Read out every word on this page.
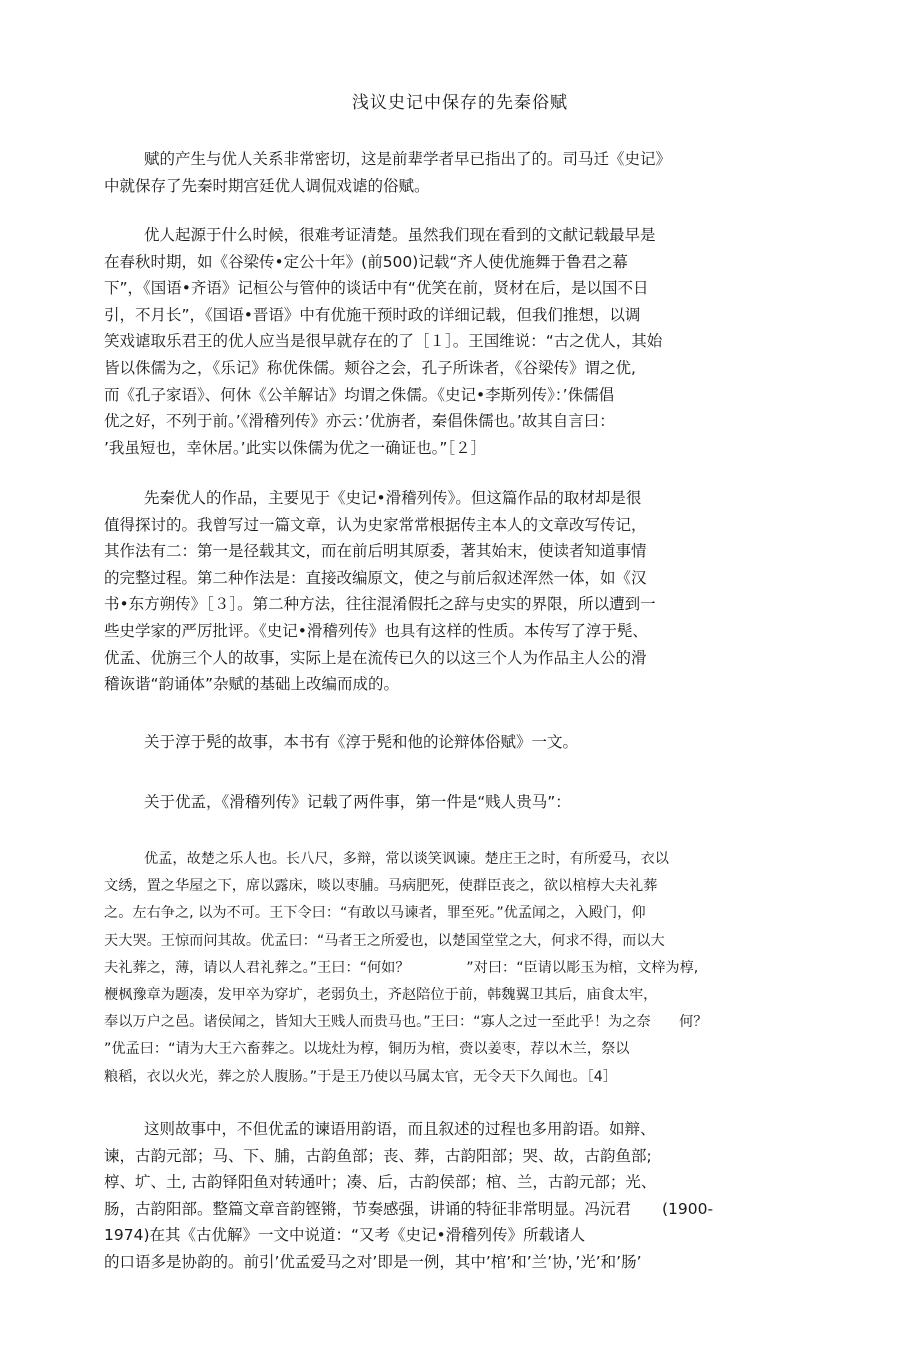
浅议史记中保存的先秦俗赋
赋的产生与优人关系非常密切，这是前辈学者早已指出了的。司马迁《史记》
中就保存了先秦时期宫廷优人调侃戏谑的俗赋。
优人起源于什么时候，很难考证清楚。虽然我们现在看到的文献记载最早是
在春秋时期，如《谷梁传•定公十年》(前500)记载“齐人使优施舞于鲁君之幕
下”，《国语•齐语》记桓公与管仲的谈话中有“优笑在前，贤材在后，是以国不日
引，不月长”，《国语•晋语》中有优施干预时政的详细记载，但我们推想，以调
笑戏谑取乐君王的优人应当是很早就存在的了［１］。王国维说：“古之优人，其始
皆以侏儒为之，《乐记》称优侏儒。颊谷之会，孔子所诛者，《谷梁传》谓之优,
而《孔子家语》、何休《公羊解诂》均谓之侏儒。《史记•李斯列传》：’侏儒倡
优之好，不列于前。’《滑稽列传》亦云：’优旃者，秦倡侏儒也。’故其自言曰：
’我虽短也，幸休居。’此实以侏儒为优之一确证也。”［２］
先秦优人的作品，主要见于《史记•滑稽列传》。但这篇作品的取材却是很
值得探讨的。我曾写过一篇文章，认为史家常常根据传主本人的文章改写传记，
其作法有二：第一是径载其文，而在前后明其原委，著其始末，使读者知道事情
的完整过程。第二种作法是：直接改编原文，使之与前后叙述浑然一体，如《汉
书•东方朔传》［３］。第二种方法，往往混淆假托之辞与史实的界限，所以遭到一
些史学家的严厉批评。《史记•滑稽列传》也具有这样的性质。本传写了淳于髡、
优孟、优旃三个人的故事，实际上是在流传已久的以这三个人为作品主人公的滑
稽诙谐“韵诵体”杂赋的基础上改编而成的。
关于淳于髡的故事，本书有《淳于髡和他的论辩体俗赋》一文。
关于优孟，《滑稽列传》记载了两件事，第一件是“贱人贵马”：
优孟，故楚之乐人也。长八尺，多辩，常以谈笑讽谏。楚庄王之时，有所爱马，衣以
文绣，置之华屋之下，席以露床，啖以枣脯。马病肥死，使群臣丧之，欲以棺椁大夫礼葬
之。左右争之, 以为不可。王下令曰：“有敢以马谏者，罪至死。”优孟闻之，入殿门，仰
天大哭。王惊而问其故。优孟曰：“马者王之所爱也，以楚国堂堂之大，何求不得，而以大
夫礼葬之，薄，请以人君礼葬之。”王曰：“何如？　　　　”对曰：“臣请以彫玉为棺，文梓为椁,
楩枫豫章为题凑，发甲卒为穿圹，老弱负土，齐赵陪位于前，韩魏翼卫其后，庙食太牢，
奉以万户之邑。诸侯闻之，皆知大王贱人而贵马也。”王曰：“寡人之过一至此乎！为之奈　　何？
”优孟曰：“请为大王六畜葬之。以垅灶为椁，铜历为棺，赍以姜枣，荐以木兰，祭以
粮稻，衣以火光，葬之於人腹肠。”于是王乃使以马属太官，无令天下久闻也。［4］
这则故事中，不但优孟的谏语用韵语，而且叙述的过程也多用韵语。如辩、
谏，古韵元部；马、下、脯，古韵鱼部；丧、葬，古韵阳部；哭、故，古韵鱼部;
椁、圹、土, 古韵铎阳鱼对转通叶；凑、后，古韵侯部；棺、兰，古韵元部；光、
肠，古韵阳部。整篇文章音韵铿锵，节奏感强，讲诵的特征非常明显。冯沅君　　(1900-
1974)在其《古优解》一文中说道：“又考《史记•滑稽列传》所载诸人
的口语多是协韵的。前引’优孟爱马之对’即是一例，其中’棺’和’兰’协，’光’和’肠’
